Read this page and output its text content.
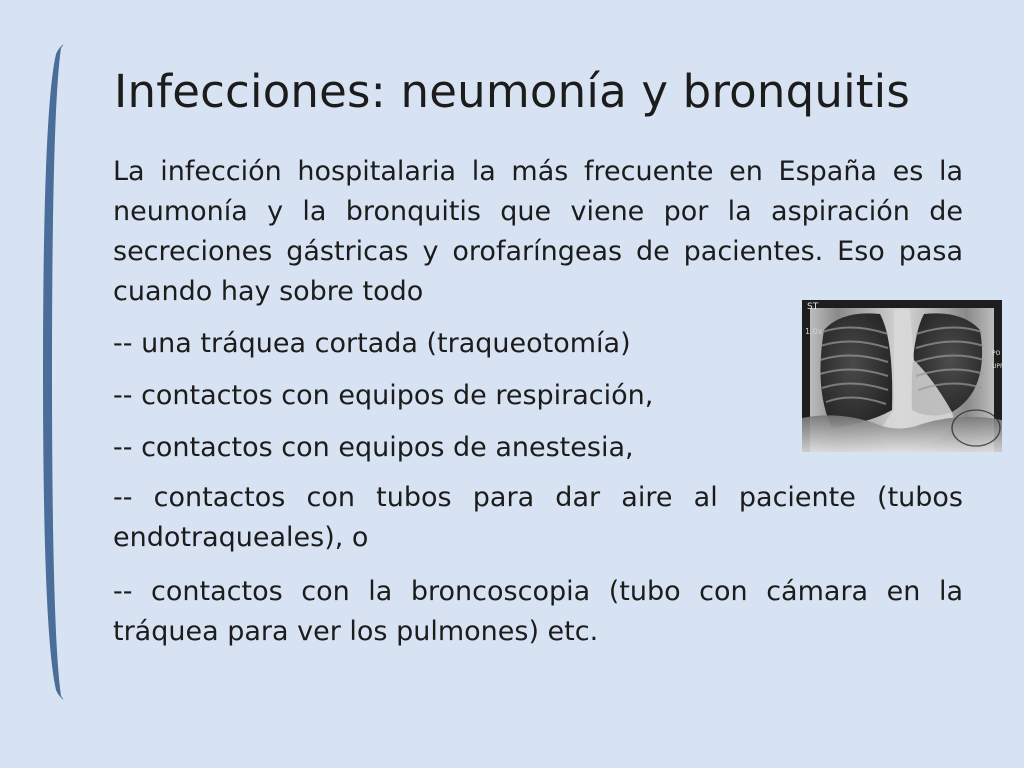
Infecciones: neumonía y bronquitis

La infección hospitalaria la más frecuente en España es la neumonía y la bronquitis que viene por la aspiración de secreciones gástricas y orofaríngeas de pacientes. Eso pasa cuando hay sobre todo

-- una tráquea cortada (traqueotomía)

-- contactos con equipos de respiración,

-- contactos con equipos de anestesia,

-- contactos con tubos para dar aire al paciente (tubos endotraqueales), o

-- contactos con la broncoscopia (tubo con cámara en la tráquea para ver los pulmones) etc.

PO
UPR
ST
1.0x
